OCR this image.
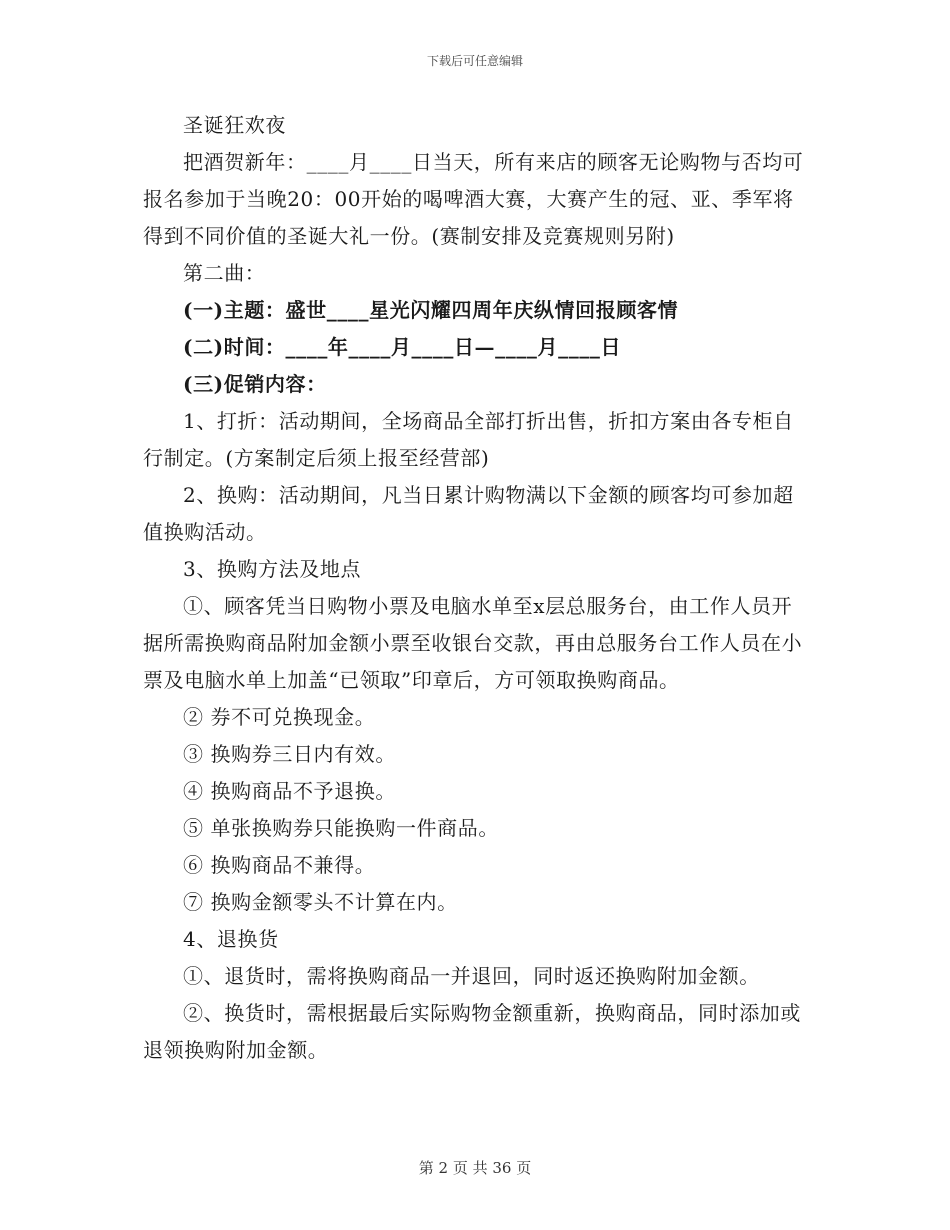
下载后可任意编辑

圣诞狂欢夜

把酒贺新年：____月____日当天，所有来店的顾客无论购物与否均可报名参加于当晚20：00开始的喝啤酒大赛，大赛产生的冠、亚、季军将得到不同价值的圣诞大礼一份。(赛制安排及竞赛规则另附)

第二曲：

(一)主题：盛世____星光闪耀四周年庆纵情回报顾客情

(二)时间：____年____月____日—____月____日

(三)促销内容：

1、打折：活动期间，全场商品全部打折出售，折扣方案由各专柜自行制定。(方案制定后须上报至经营部)

2、换购：活动期间，凡当日累计购物满以下金额的顾客均可参加超值换购活动。

3、换购方法及地点

①、顾客凭当日购物小票及电脑水单至x层总服务台，由工作人员开据所需换购商品附加金额小票至收银台交款，再由总服务台工作人员在小票及电脑水单上加盖“已领取”印章后，方可领取换购商品。

② 券不可兑换现金。

③ 换购券三日内有效。

④ 换购商品不予退换。

⑤ 单张换购券只能换购一件商品。

⑥ 换购商品不兼得。

⑦ 换购金额零头不计算在内。

4、退换货

①、退货时，需将换购商品一并退回，同时返还换购附加金额。

②、换货时，需根据最后实际购物金额重新，换购商品，同时添加或退领换购附加金额。

第 2 页 共 36 页
